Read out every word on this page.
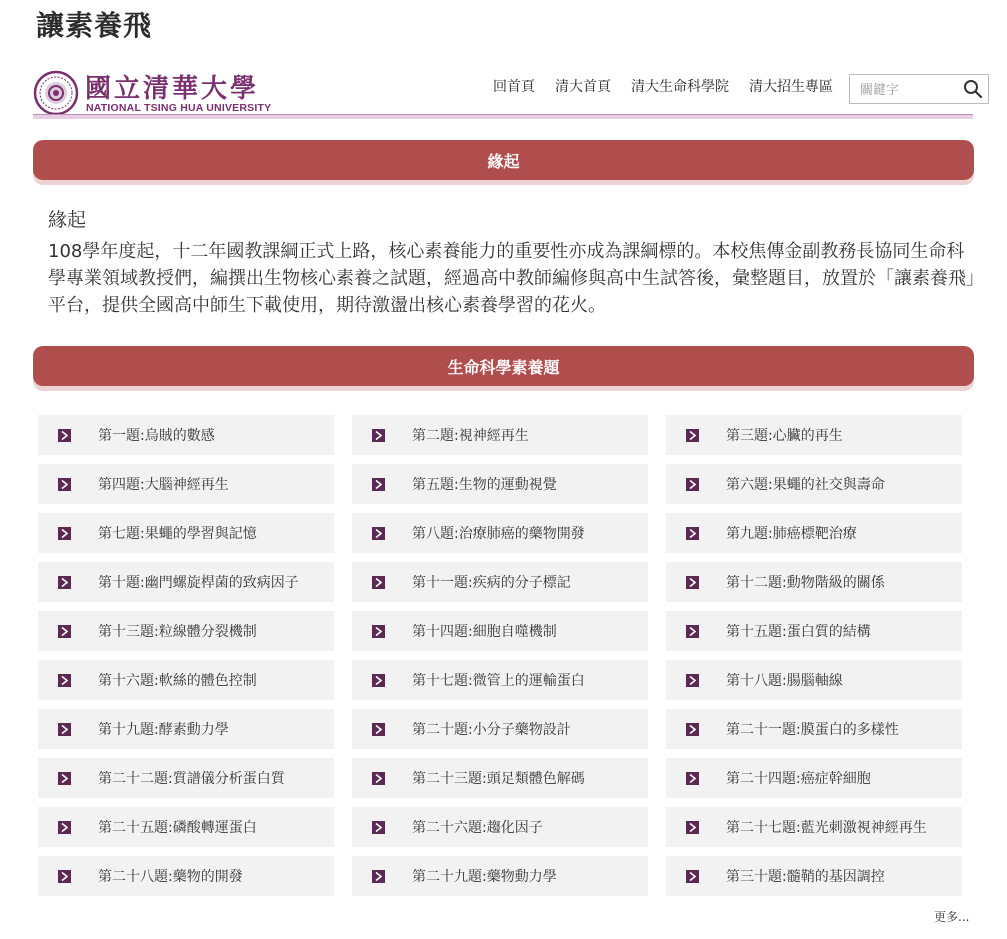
讓素養飛
國立清華大學
NATIONAL TSING HUA UNIVERSITY
回首頁 清大首頁 清大生命科學院 清大招生專區
關鍵字
緣起
緣起

108學年度起，十二年國教課綱正式上路，核心素養能力的重要性亦成為課綱標的。本校焦傳金副教務長協同生命科學專業領域教授們，編撰出生物核心素養之試題，經過高中教師編修與高中生試答後，彙整題目，放置於「讓素養飛」平台，提供全國高中師生下載使用，期待激盪出核心素養學習的花火。

生命科學素養題
第一題:烏賊的數感	第二題:視神經再生	第三題:心臟的再生
第四題:大腦神經再生	第五題:生物的運動視覺	第六題:果蠅的社交與壽命
第七題:果蠅的學習與記憶	第八題:治療肺癌的藥物開發	第九題:肺癌標靶治療
第十題:幽門螺旋桿菌的致病因子	第十一題:疾病的分子標記	第十二題:動物階級的關係
第十三題:粒線體分裂機制	第十四題:細胞自噬機制	第十五題:蛋白質的結構
第十六題:軟絲的體色控制	第十七題:微管上的運輸蛋白	第十八題:腸腦軸線
第十九題:酵素動力學	第二十題:小分子藥物設計	第二十一題:膜蛋白的多樣性
第二十二題:質譜儀分析蛋白質	第二十三題:頭足類體色解碼	第二十四題:癌症幹細胞
第二十五題:磷酸轉運蛋白	第二十六題:趨化因子	第二十七題:藍光刺激視神經再生
第二十八題:藥物的開發	第二十九題:藥物動力學	第三十題:髓鞘的基因調控
更多...
